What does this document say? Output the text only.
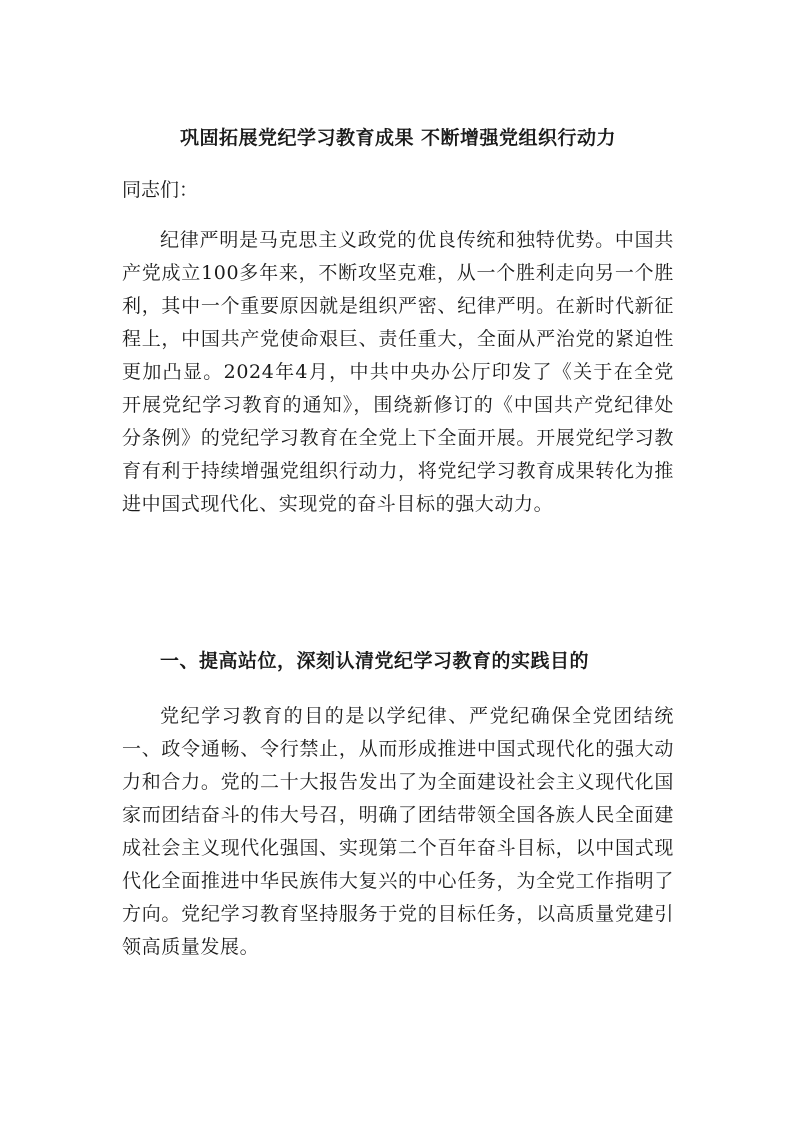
巩固拓展党纪学习教育成果 不断增强党组织行动力
同志们：

纪律严明是马克思主义政党的优良传统和独特优势。中国共产党成立100多年来，不断攻坚克难，从一个胜利走向另一个胜利，其中一个重要原因就是组织严密、纪律严明。在新时代新征程上，中国共产党使命艰巨、责任重大，全面从严治党的紧迫性更加凸显。2024年4月，中共中央办公厅印发了《关于在全党开展党纪学习教育的通知》，围绕新修订的《中国共产党纪律处分条例》的党纪学习教育在全党上下全面开展。开展党纪学习教育有利于持续增强党组织行动力，将党纪学习教育成果转化为推进中国式现代化、实现党的奋斗目标的强大动力。

一、提高站位，深刻认清党纪学习教育的实践目的

党纪学习教育的目的是以学纪律、严党纪确保全党团结统一、政令通畅、令行禁止，从而形成推进中国式现代化的强大动力和合力。党的二十大报告发出了为全面建设社会主义现代化国家而团结奋斗的伟大号召，明确了团结带领全国各族人民全面建成社会主义现代化强国、实现第二个百年奋斗目标，以中国式现代化全面推进中华民族伟大复兴的中心任务，为全党工作指明了方向。党纪学习教育坚持服务于党的目标任务，以高质量党建引领高质量发展。
